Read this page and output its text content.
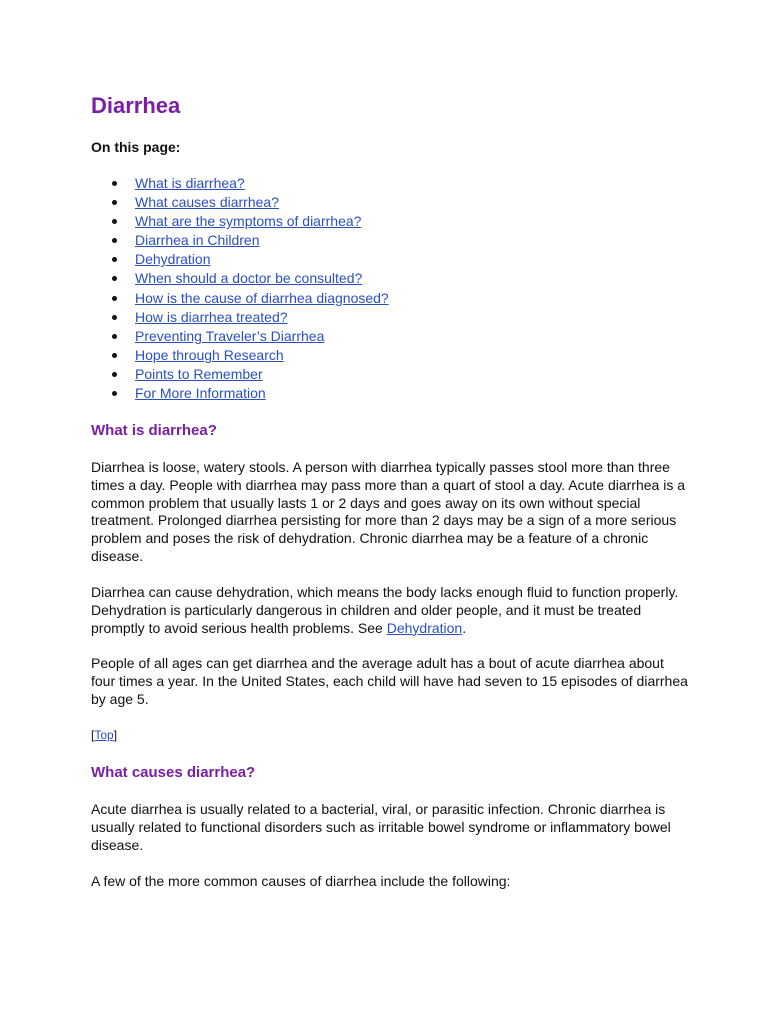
Diarrhea

On this page:

What is diarrhea?
What causes diarrhea?
What are the symptoms of diarrhea?
Diarrhea in Children
Dehydration
When should a doctor be consulted?
How is the cause of diarrhea diagnosed?
How is diarrhea treated?
Preventing Traveler’s Diarrhea
Hope through Research
Points to Remember
For More Information
What is diarrhea?

Diarrhea is loose, watery stools. A person with diarrhea typically passes stool more than three times a day. People with diarrhea may pass more than a quart of stool a day. Acute diarrhea is a common problem that usually lasts 1 or 2 days and goes away on its own without special treatment. Prolonged diarrhea persisting for more than 2 days may be a sign of a more serious problem and poses the risk of dehydration. Chronic diarrhea may be a feature of a chronic disease.

Diarrhea can cause dehydration, which means the body lacks enough fluid to function properly. Dehydration is particularly dangerous in children and older people, and it must be treated promptly to avoid serious health problems. See Dehydration.

People of all ages can get diarrhea and the average adult has a bout of acute diarrhea about four times a year. In the United States, each child will have had seven to 15 episodes of diarrhea by age 5.

[Top]
What causes diarrhea?

Acute diarrhea is usually related to a bacterial, viral, or parasitic infection. Chronic diarrhea is usually related to functional disorders such as irritable bowel syndrome or inflammatory bowel disease.

A few of the more common causes of diarrhea include the following:
